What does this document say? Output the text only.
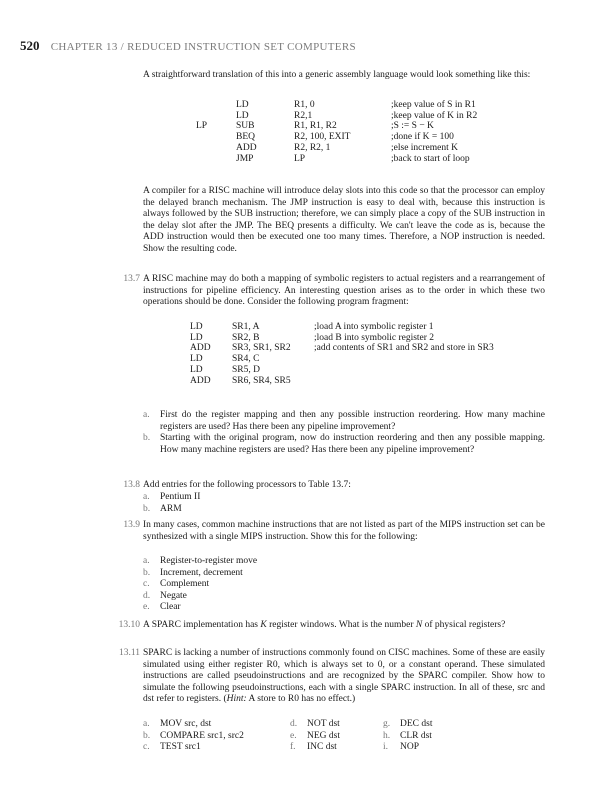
520 CHAPTER 13 / REDUCED INSTRUCTION SET COMPUTERS
A straightforward translation of this into a generic assembly language would look something like this:
	LD	R1, 0	;keep value of S in R1
	LD	R2,1	;keep value of K in R2
LP	SUB	R1, R1, R2	;S := S − K
	BEQ	R2, 100, EXIT	;done if K = 100
	ADD	R2, R2, 1	;else increment K
	JMP	LP	;back to start of loop
A compiler for a RISC machine will introduce delay slots into this code so that the processor can employ the delayed branch mechanism. The JMP instruction is easy to deal with, because this instruction is always followed by the SUB instruction; therefore, we can simply place a copy of the SUB instruction in the delay slot after the JMP. The BEQ presents a difficulty. We can't leave the code as is, because the ADD instruction would then be executed one too many times. Therefore, a NOP instruction is needed. Show the resulting code.
13.7 A RISC machine may do both a mapping of symbolic registers to actual registers and a rearrangement of instructions for pipeline efficiency. An interesting question arises as to the order in which these two operations should be done. Consider the following program fragment:
LD	SR1, A	;load A into symbolic register 1
LD	SR2, B	;load B into symbolic register 2
ADD	SR3, SR1, SR2	;add contents of SR1 and SR2 and store in SR3
LD	SR4, C	
LD	SR5, D	
ADD	SR6, SR4, SR5	
a. First do the register mapping and then any possible instruction reordering. How many machine registers are used? Has there been any pipeline improvement?
b. Starting with the original program, now do instruction reordering and then any possible mapping. How many machine registers are used? Has there been any pipeline improvement?
13.8 Add entries for the following processors to Table 13.7:
a. Pentium II
b. ARM
13.9 In many cases, common machine instructions that are not listed as part of the MIPS instruction set can be synthesized with a single MIPS instruction. Show this for the following:
a. Register-to-register move
b. Increment, decrement
c. Complement
d. Negate
e. Clear
13.10 A SPARC implementation has K register windows. What is the number N of physical registers?
13.11 SPARC is lacking a number of instructions commonly found on CISC machines. Some of these are easily simulated using either register R0, which is always set to 0, or a constant operand. These simulated instructions are called pseudoinstructions and are recognized by the SPARC compiler. Show how to simulate the following pseudoinstructions, each with a single SPARC instruction. In all of these, src and dst refer to registers. (Hint: A store to R0 has no effect.)
a. MOV src, dst	d. NOT dst	g. DEC dst
b. COMPARE src1, src2	e. NEG dst	h. CLR dst
c. TEST src1	f. INC dst	i. NOP
